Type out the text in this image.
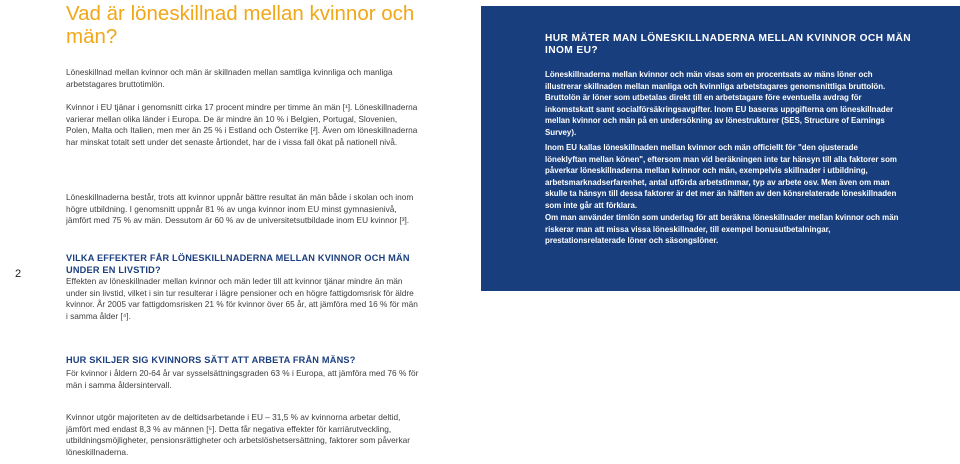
Vad är löneskillnad mellan kvinnor och män?

Löneskillnad mellan kvinnor och män är skillnaden mellan samtliga kvinnliga och manliga arbetstagares bruttotimlön.

Kvinnor i EU tjänar i genomsnitt cirka 17 procent mindre per timme än män [¹]. Löneskillnaderna varierar mellan olika länder i Europa. De är mindre än 10 % i Belgien, Portugal, Slovenien, Polen, Malta och Italien, men mer än 25 % i Estland och Österrike [²]. Även om löneskillnaderna har minskat totalt sett under det senaste årtiondet, har de i vissa fall ökat på nationell nivå.

Löneskillnaderna består, trots att kvinnor uppnår bättre resultat än män både i skolan och inom högre utbildning. I genomsnitt uppnår 81 % av unga kvinnor inom EU minst gymnasienivå, jämfört med 75 % av män. Dessutom är 60 % av de universitetsutbildade inom EU kvinnor [³].

VILKA EFFEKTER FÅR LÖNESKILLNADERNA MELLAN KVINNOR OCH MÄN UNDER EN LIVSTID?

Effekten av löneskillnader mellan kvinnor och män leder till att kvinnor tjänar mindre än män under sin livstid, vilket i sin tur resulterar i lägre pensioner och en högre fattigdomsrisk för äldre kvinnor. År 2005 var fattigdomsrisken 21 % för kvinnor över 65 år, att jämföra med 16 % för män i samma ålder [⁴].

HUR SKILJER SIG KVINNORS SÄTT ATT ARBETA FRÅN MÄNS?

För kvinnor i åldern 20-64 år var sysselsättningsgraden 63 % i Europa, att jämföra med 76 % för män i samma åldersintervall.

Kvinnor utgör majoriteten av de deltidsarbetande i EU – 31,5 % av kvinnorna arbetar deltid, jämfört med endast 8,3 % av männen [⁵]. Detta får negativa effekter för karriärutveckling, utbildningsmöjligheter, pensionsrättigheter och arbetslöshetsersättning, faktorer som påverkar löneskillnaderna.

2
HUR MÄTER MAN LÖNESKILLNADERNA MELLAN KVINNOR OCH MÄN INOM EU?

Löneskillnaderna mellan kvinnor och män visas som en procentsats av mäns löner och illustrerar skillnaden mellan manliga och kvinnliga arbetstagares genomsnittliga bruttolön. Bruttolön är löner som utbetalas direkt till en arbetstagare före eventuella avdrag för inkomstskatt samt socialförsäkringsavgifter. Inom EU baseras uppgifterna om löneskillnader mellan kvinnor och män på en undersökning av lönestrukturer (SES, Structure of Earnings Survey).

Inom EU kallas löneskillnaden mellan kvinnor och män officiellt för "den ojusterade löneklyftan mellan könen", eftersom man vid beräkningen inte tar hänsyn till alla faktorer som påverkar löneskillnaderna mellan kvinnor och män, exempelvis skillnader i utbildning, arbetsmarknadserfarenhet, antal utförda arbetstimmar, typ av arbete osv. Men även om man skulle ta hänsyn till dessa faktorer är det mer än hälften av den könsrelaterade löneskillnaden som inte går att förklara.

Om man använder timlön som underlag för att beräkna löneskillnader mellan kvinnor och män riskerar man att missa vissa löneskillnader, till exempel bonusutbetalningar, prestationsrelaterade löner och säsongslöner.
